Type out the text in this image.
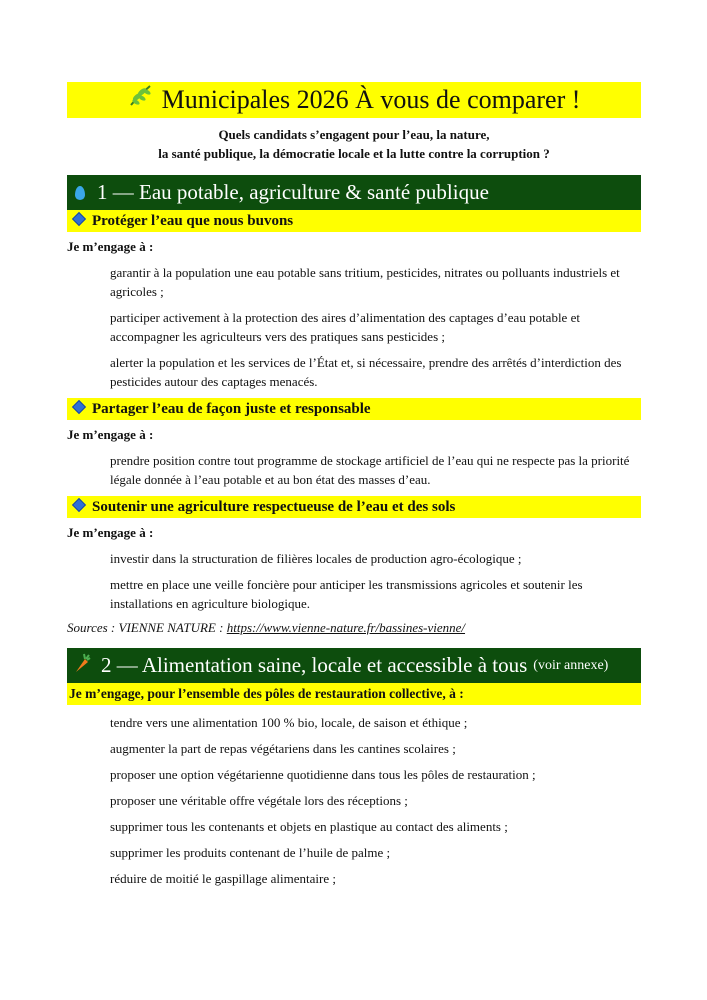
Municipales 2026 À vous de comparer !
Quels candidats s’engagent pour l’eau, la nature,
la santé publique, la démocratie locale et la lutte contre la corruption ?
1 — Eau potable, agriculture & santé publique
Protéger l’eau que nous buvons
Je m’engage à :
garantir à la population une eau potable sans tritium, pesticides, nitrates ou polluants industriels et agricoles ;
participer activement à la protection des aires d’alimentation des captages d’eau potable et accompagner les agriculteurs vers des pratiques sans pesticides ;
alerter la population et les services de l’État et, si nécessaire, prendre des arrêtés d’interdiction des pesticides autour des captages menacés.
Partager l’eau de façon juste et responsable
Je m’engage à :
prendre position contre tout programme de stockage artificiel de l’eau qui ne respecte pas la priorité légale donnée à l’eau potable et au bon état des masses d’eau.
Soutenir une agriculture respectueuse de l’eau et des sols
Je m’engage à :
investir dans la structuration de filières locales de production agro-écologique ;
mettre en place une veille foncière pour anticiper les transmissions agricoles et soutenir les installations en agriculture biologique.
Sources : VIENNE NATURE : https://www.vienne-nature.fr/bassines-vienne/
2 — Alimentation saine, locale et accessible à tous (voir annexe)
Je m’engage, pour l’ensemble des pôles de restauration collective, à :
tendre vers une alimentation 100 % bio, locale, de saison et éthique ;
augmenter la part de repas végétariens dans les cantines scolaires ;
proposer une option végétarienne quotidienne dans tous les pôles de restauration ;
proposer une véritable offre végétale lors des réceptions ;
supprimer tous les contenants et objets en plastique au contact des aliments ;
supprimer les produits contenant de l’huile de palme ;
réduire de moitié le gaspillage alimentaire ;
